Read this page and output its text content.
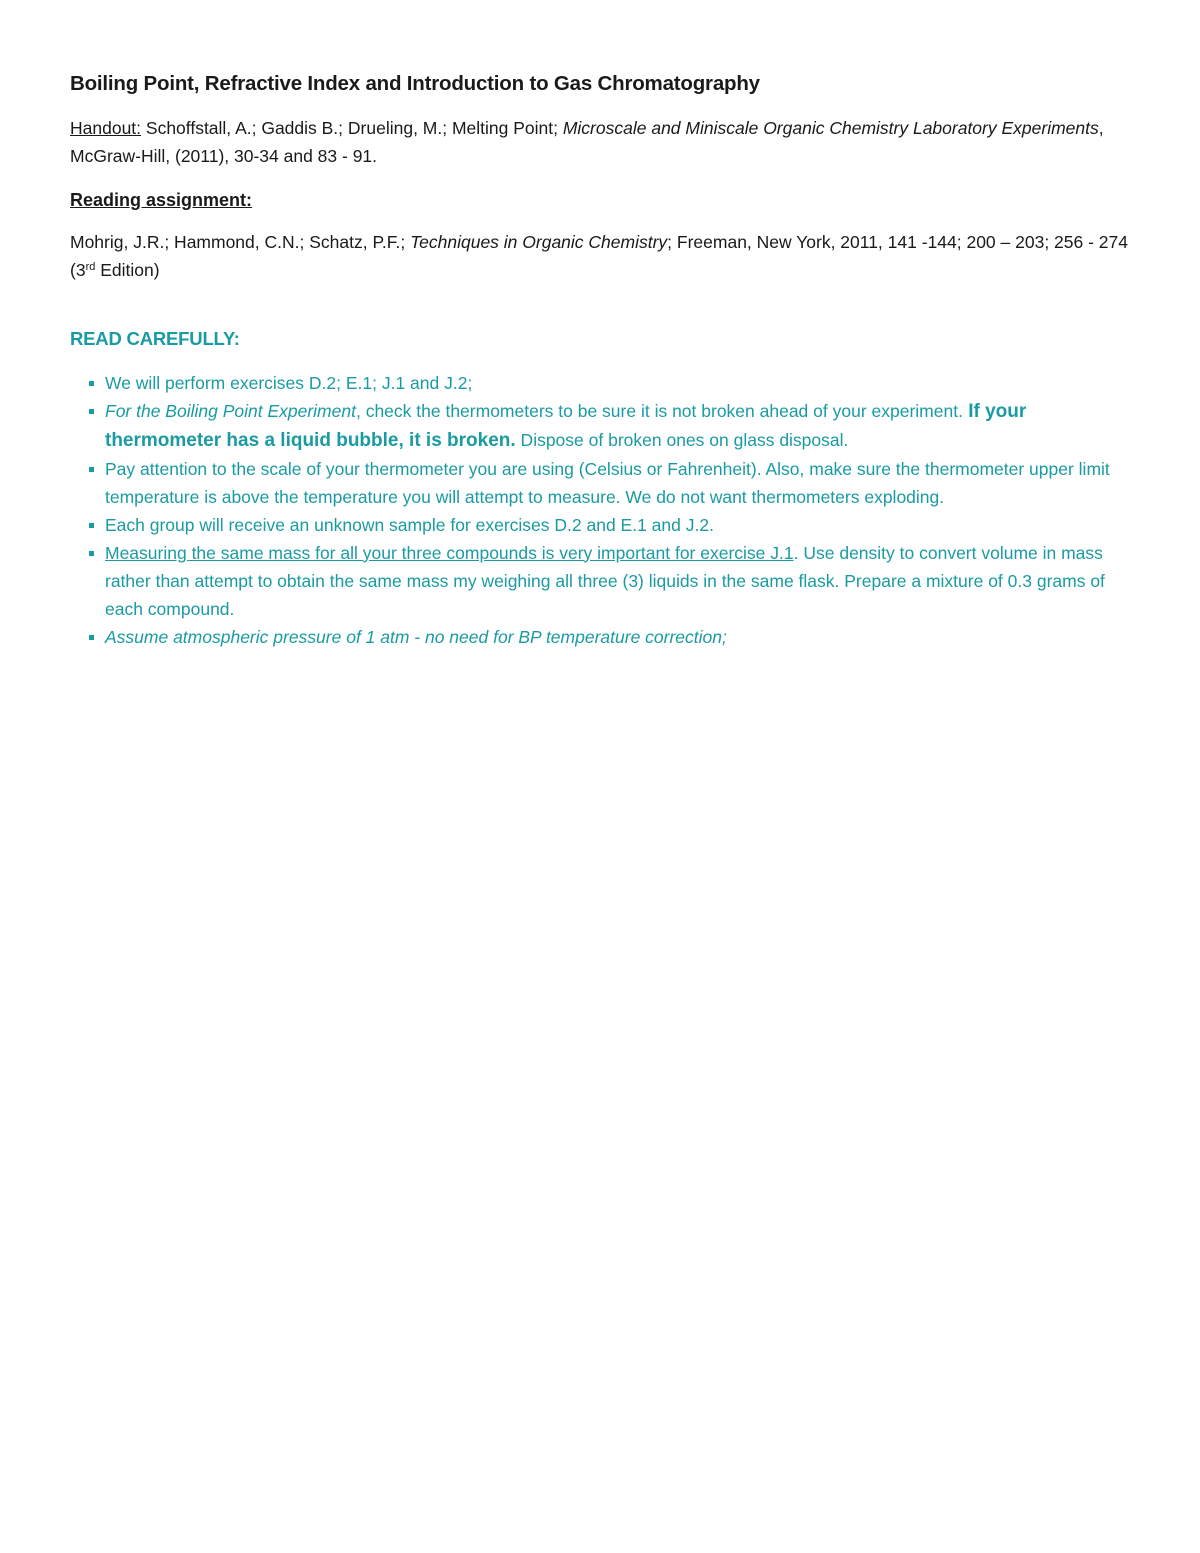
Boiling Point, Refractive Index and Introduction to Gas Chromatography

Handout: Schoffstall, A.; Gaddis B.; Drueling, M.; Melting Point; Microscale and Miniscale Organic Chemistry Laboratory Experiments, McGraw-Hill, (2011), 30-34 and 83 - 91.

Reading assignment:

Mohrig, J.R.; Hammond, C.N.; Schatz, P.F.; Techniques in Organic Chemistry; Freeman, New York, 2011, 141 -144; 200 – 203; 256 - 274 (3rd Edition)

READ CAREFULLY:

We will perform exercises D.2; E.1; J.1 and J.2;
For the Boiling Point Experiment, check the thermometers to be sure it is not broken ahead of your experiment. If your thermometer has a liquid bubble, it is broken. Dispose of broken ones on glass disposal.
Pay attention to the scale of your thermometer you are using (Celsius or Fahrenheit). Also, make sure the thermometer upper limit temperature is above the temperature you will attempt to measure. We do not want thermometers exploding.
Each group will receive an unknown sample for exercises D.2 and E.1 and J.2.
Measuring the same mass for all your three compounds is very important for exercise J.1. Use density to convert volume in mass rather than attempt to obtain the same mass my weighing all three (3) liquids in the same flask. Prepare a mixture of 0.3 grams of each compound.
Assume atmospheric pressure of 1 atm - no need for BP temperature correction;
